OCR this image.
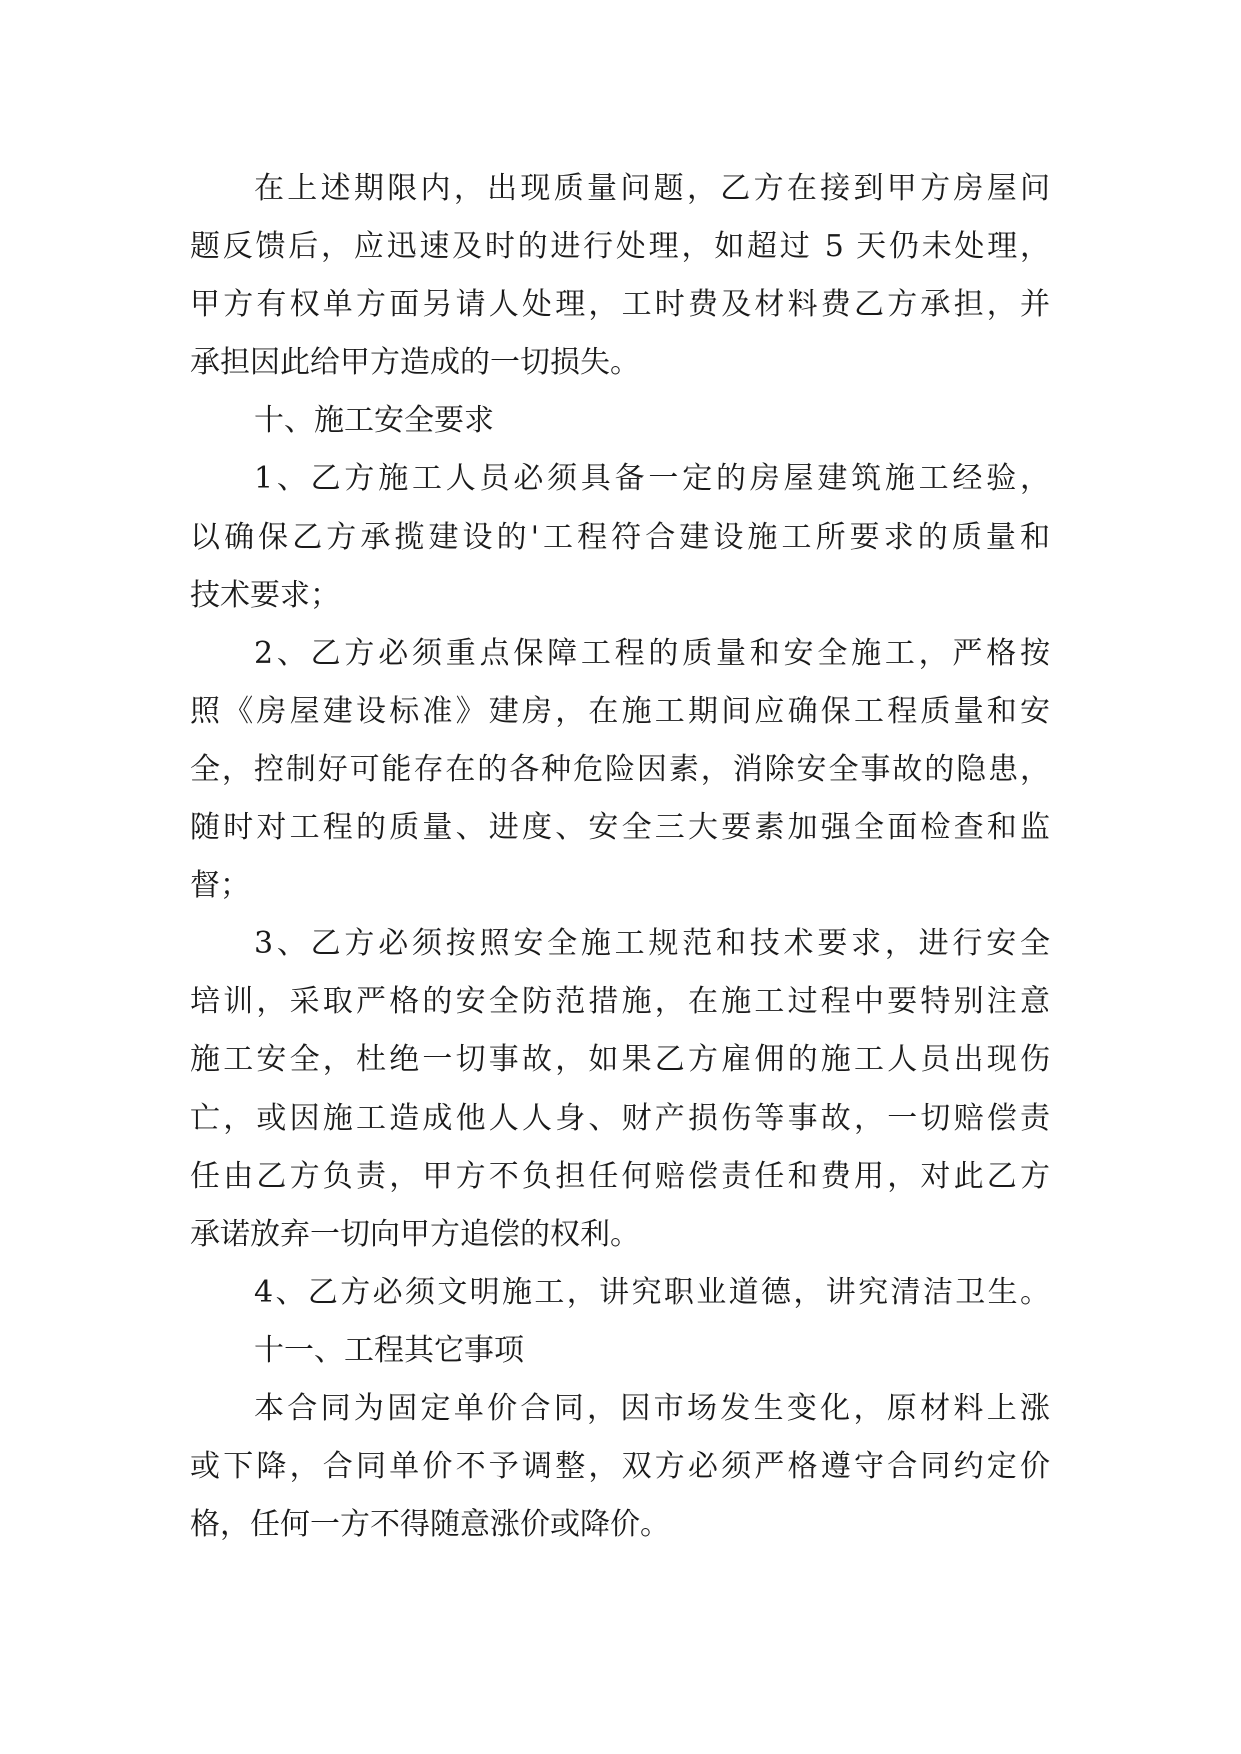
在上述期限内，出现质量问题，乙方在接到甲方房屋问
题反馈后，应迅速及时的进行处理，如超过 5 天仍未处理，
甲方有权单方面另请人处理，工时费及材料费乙方承担，并
承担因此给甲方造成的一切损失。
十、施工安全要求
1、乙方施工人员必须具备一定的房屋建筑施工经验，
以确保乙方承揽建设的'工程符合建设施工所要求的质量和
技术要求；
2、乙方必须重点保障工程的质量和安全施工，严格按
照《房屋建设标准》建房，在施工期间应确保工程质量和安
全，控制好可能存在的各种危险因素，消除安全事故的隐患，
随时对工程的质量、进度、安全三大要素加强全面检查和监
督；
3、乙方必须按照安全施工规范和技术要求，进行安全
培训，采取严格的安全防范措施，在施工过程中要特别注意
施工安全，杜绝一切事故，如果乙方雇佣的施工人员出现伤
亡，或因施工造成他人人身、财产损伤等事故，一切赔偿责
任由乙方负责，甲方不负担任何赔偿责任和费用，对此乙方
承诺放弃一切向甲方追偿的权利。
4、乙方必须文明施工，讲究职业道德，讲究清洁卫生。
十一、工程其它事项
本合同为固定单价合同，因市场发生变化，原材料上涨
或下降，合同单价不予调整，双方必须严格遵守合同约定价
格，任何一方不得随意涨价或降价。
